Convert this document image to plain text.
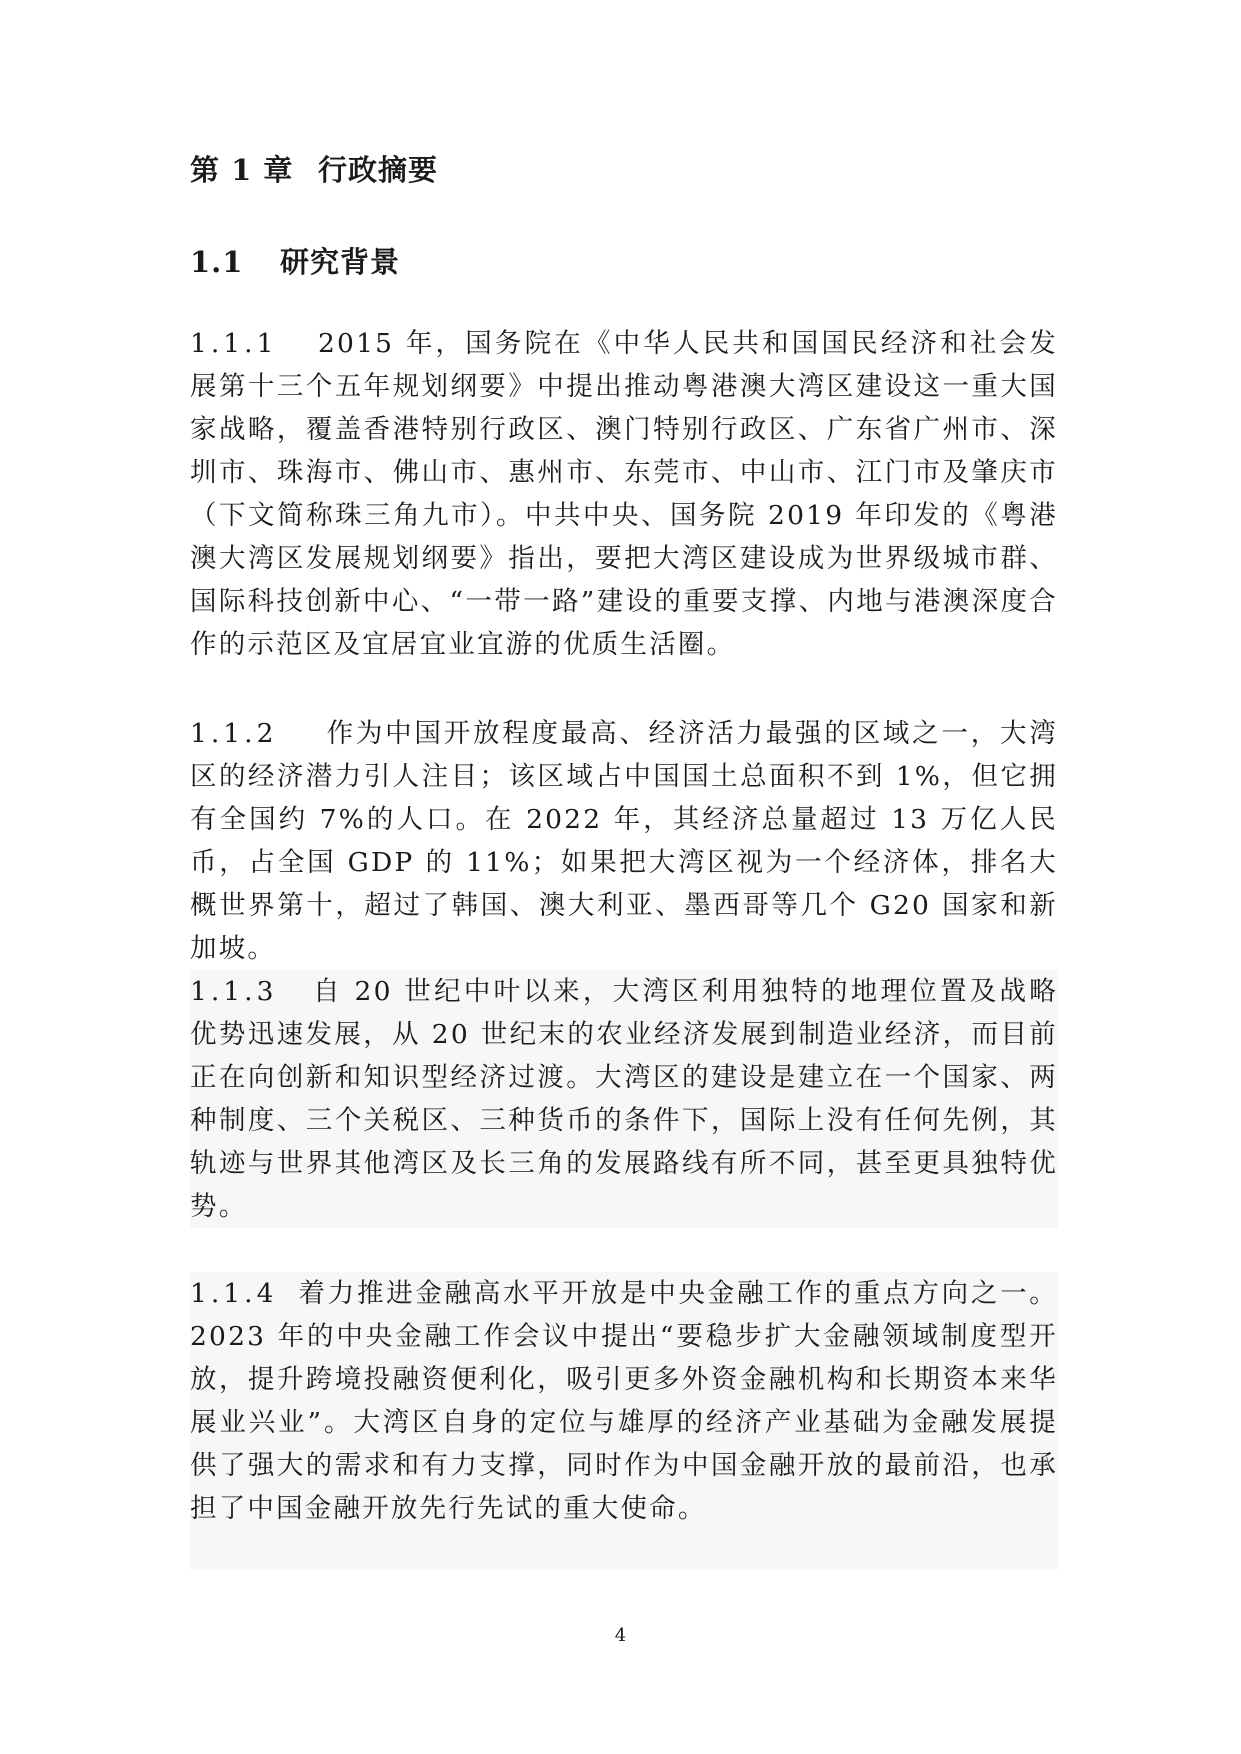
第 1 章 行政摘要
1.1 研究背景
1.1.1 2015 年，国务院在《中华人民共和国国民经济和社会发展第十三个五年规划纲要》中提出推动粤港澳大湾区建设这一重大国家战略，覆盖香港特别行政区、澳门特别行政区、广东省广州市、深圳市、珠海市、佛山市、惠州市、东莞市、中山市、江门市及肇庆市（下文简称珠三角九市）。中共中央、国务院 2019 年印发的《粤港澳大湾区发展规划纲要》指出，要把大湾区建设成为世界级城市群、国际科技创新中心、“一带一路”建设的重要支撑、内地与港澳深度合作的示范区及宜居宜业宜游的优质生活圈。
1.1.2 作为中国开放程度最高、经济活力最强的区域之一，大湾区的经济潜力引人注目；该区域占中国国土总面积不到 1%，但它拥有全国约 7%的人口。在 2022 年，其经济总量超过 13 万亿人民币，占全国 GDP 的 11%；如果把大湾区视为一个经济体，排名大概世界第十，超过了韩国、澳大利亚、墨西哥等几个 G20 国家和新加坡。
1.1.3 自 20 世纪中叶以来，大湾区利用独特的地理位置及战略优势迅速发展，从 20 世纪末的农业经济发展到制造业经济，而目前正在向创新和知识型经济过渡。大湾区的建设是建立在一个国家、两种制度、三个关税区、三种货币的条件下，国际上没有任何先例，其轨迹与世界其他湾区及长三角的发展路线有所不同，甚至更具独特优势。
1.1.4 着力推进金融高水平开放是中央金融工作的重点方向之一。2023 年的中央金融工作会议中提出“要稳步扩大金融领域制度型开放，提升跨境投融资便利化，吸引更多外资金融机构和长期资本来华展业兴业”。大湾区自身的定位与雄厚的经济产业基础为金融发展提供了强大的需求和有力支撑，同时作为中国金融开放的最前沿，也承担了中国金融开放先行先试的重大使命。
4
